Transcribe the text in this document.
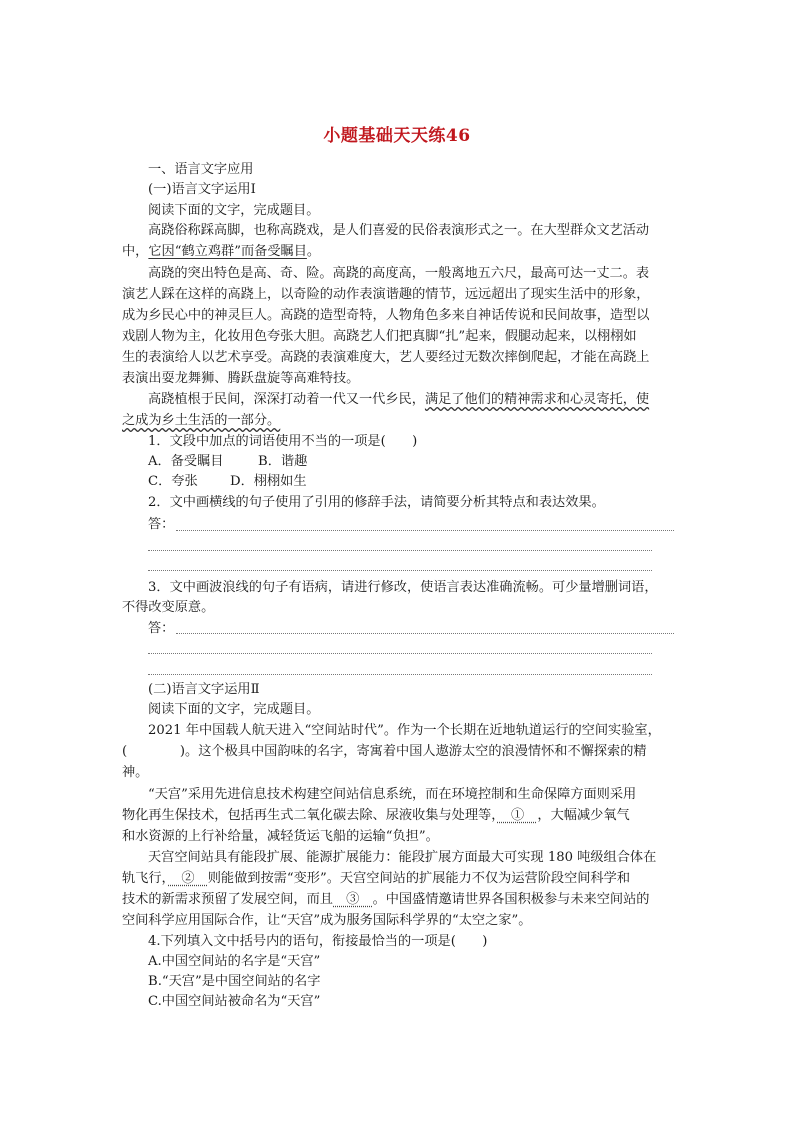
小题基础天天练46
一、语言文字应用
(一)语言文字运用Ⅰ
阅读下面的文字，完成题目。
高跷俗称踩高脚，也称高跷戏，是人们喜爱的民俗表演形式之一。在大型群众文艺活动
中，它因“鹤立鸡群”而备受瞩目。
高跷的突出特色是高、奇、险。高跷的高度高，一般离地五六尺，最高可达一丈二。表
演艺人踩在这样的高跷上，以奇险的动作表演谐趣的情节，远远超出了现实生活中的形象，
成为乡民心中的神灵巨人。高跷的造型奇特，人物角色多来自神话传说和民间故事，造型以
戏剧人物为主，化妆用色夸张大胆。高跷艺人们把真脚“扎”起来，假腿动起来，以栩栩如
生的表演给人以艺术享受。高跷的表演难度大，艺人要经过无数次摔倒爬起，才能在高跷上
表演出耍龙舞狮、腾跃盘旋等高难特技。
高跷植根于民间，深深打动着一代又一代乡民，满足了他们的精神需求和心灵寄托，使
之成为乡土生活的一部分。
1．文段中加点的词语使用不当的一项是(　　)
A．备受瞩目	B．谐趣
C．夸张 D．栩栩如生
2．文中画横线的句子使用了引用的修辞手法，请简要分析其特点和表达效果。
答：
3．文中画波浪线的句子有语病，请进行修改，使语言表达准确流畅。可少量增删词语，
不得改变原意。
答：
(二)语言文字运用Ⅱ
阅读下面的文字，完成题目。
2021 年中国载人航天进入“空间站时代”。作为一个长期在近地轨道运行的空间实验室，
(　　　　)。这个极具中国韵味的名字，寄寓着中国人遨游太空的浪漫情怀和不懈探索的精
神。
“天宫”采用先进信息技术构建空间站信息系统，而在环境控制和生命保障方面则采用
物化再生保技术，包括再生式二氧化碳去除、尿液收集与处理等，　①　，大幅减少氧气
和水资源的上行补给量，减轻货运飞船的运输“负担”。
天宫空间站具有能段扩展、能源扩展能力：能段扩展方面最大可实现 180 吨级组合体在
轨飞行，　②　则能做到按需“变形”。天宫空间站的扩展能力不仅为运营阶段空间科学和
技术的新需求预留了发展空间，而且　③　。中国盛情邀请世界各国积极参与未来空间站的
空间科学应用国际合作，让“天宫”成为服务国际科学界的“太空之家”。
4.下列填入文中括号内的语句，衔接最恰当的一项是(　　)
A.中国空间站的名字是“天宫”
B.“天宫”是中国空间站的名字
C.中国空间站被命名为“天宫”
